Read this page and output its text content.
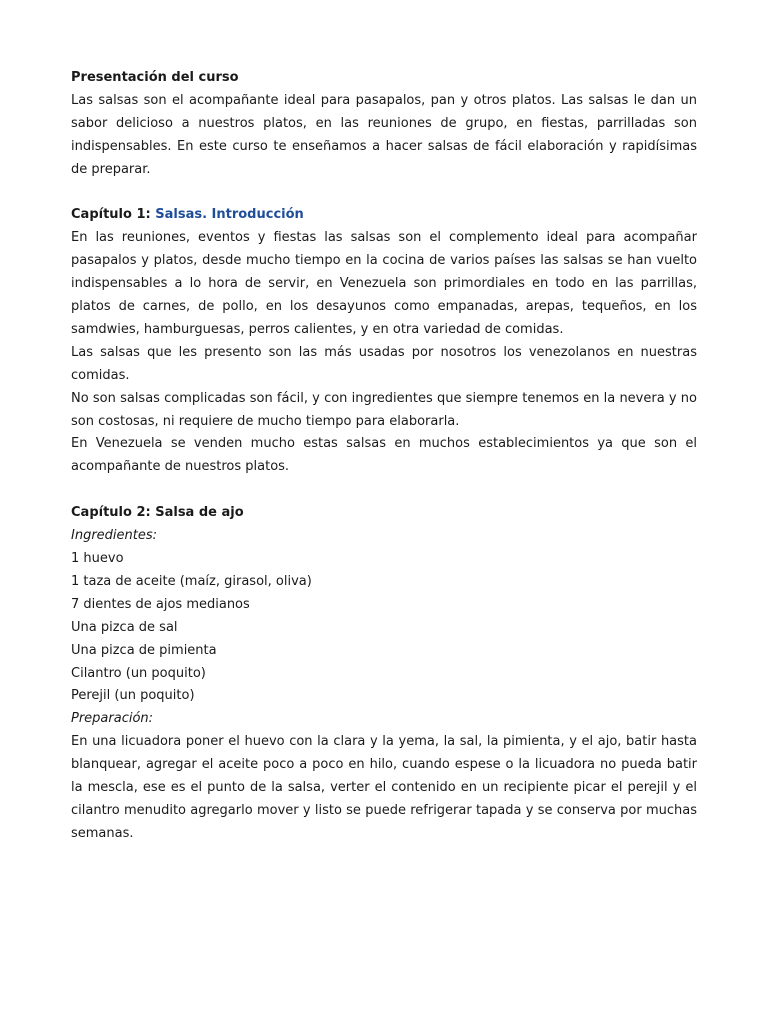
Presentación del curso

Las salsas son el acompañante ideal para pasapalos, pan y otros platos. Las salsas le dan un sabor delicioso a nuestros platos, en las reuniones de grupo, en fiestas, parrilladas son indispensables. En este curso te enseñamos a hacer salsas de fácil elaboración y rapidísimas de preparar.

Capítulo 1: Salsas. Introducción

En las reuniones, eventos y fiestas las salsas son el complemento ideal para acompañar pasapalos y platos, desde mucho tiempo en la cocina de varios países las salsas se han vuelto indispensables a lo hora de servir, en Venezuela son primordiales en todo en las parrillas, platos de carnes, de pollo, en los desayunos como empanadas, arepas, tequeños, en los samdwies, hamburguesas, perros calientes, y en otra variedad de comidas.

Las salsas que les presento son las más usadas por nosotros los venezolanos en nuestras comidas.

No son salsas complicadas son fácil, y con ingredientes que siempre tenemos en la nevera y no son costosas, ni requiere de mucho tiempo para elaborarla.

En Venezuela se venden mucho estas salsas en muchos establecimientos ya que son el acompañante de nuestros platos.

Capítulo 2: Salsa de ajo

Ingredientes:

1 huevo

1 taza de aceite (maíz, girasol, oliva)

7 dientes de ajos medianos

Una pizca de sal

Una pizca de pimienta

Cilantro (un poquito)

Perejil (un poquito)

Preparación:

En una licuadora poner el huevo con la clara y la yema, la sal, la pimienta, y el ajo, batir hasta blanquear, agregar el aceite poco a poco en hilo, cuando espese o la licuadora no pueda batir la mescla, ese es el punto de la salsa, verter el contenido en un recipiente picar el perejil y el cilantro menudito agregarlo mover y listo se puede refrigerar tapada y se conserva por muchas semanas.
